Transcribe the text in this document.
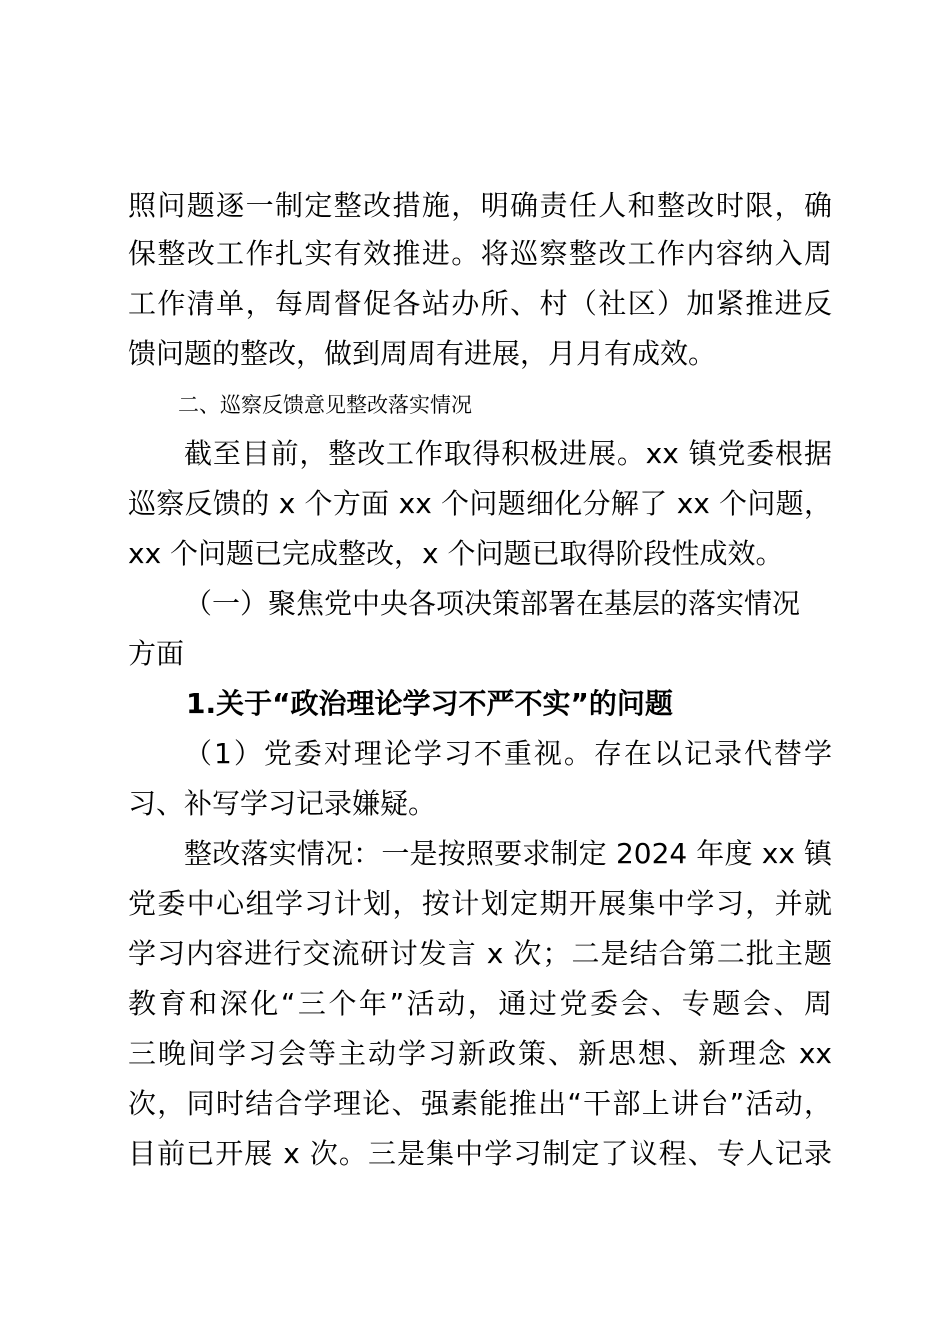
照问题逐一制定整改措施，明确责任人和整改时限，确
保整改工作扎实有效推进。将巡察整改工作内容纳入周
工作清单，每周督促各站办所、村（社区）加紧推进反
馈问题的整改，做到周周有进展，月月有成效。
二、巡察反馈意见整改落实情况
截至目前，整改工作取得积极进展。xx 镇党委根据
巡察反馈的 x 个方面 xx 个问题细化分解了 xx 个问题，
xx 个问题已完成整改，x 个问题已取得阶段性成效。
（一）聚焦党中央各项决策部署在基层的落实情况
方面
1.关于“政治理论学习不严不实”的问题
（1）党委对理论学习不重视。存在以记录代替学
习、补写学习记录嫌疑。
整改落实情况：一是按照要求制定 2024 年度 xx 镇
党委中心组学习计划，按计划定期开展集中学习，并就
学习内容进行交流研讨发言 x 次；二是结合第二批主题
教育和深化“三个年”活动，通过党委会、专题会、周
三晚间学习会等主动学习新政策、新思想、新理念 xx
次，同时结合学理论、强素能推出“干部上讲台”活动，
目前已开展 x 次。三是集中学习制定了议程、专人记录
